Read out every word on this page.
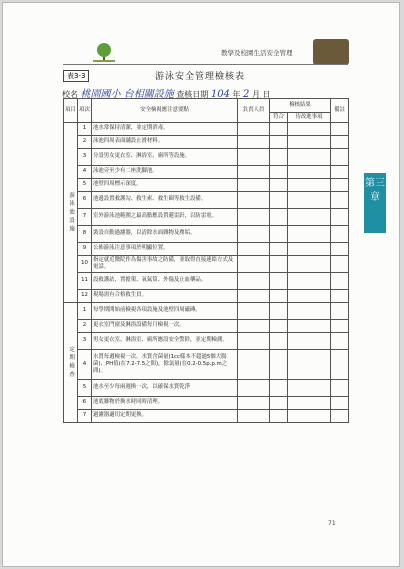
教學及校園生活安全管理
表3-3	游泳安全管理檢核表
校名 桃園國小 台相關設施 查核日期 104 年 2 月 日
項目	項次	安全檢視應注意要點	負責人員	檢核結果		備註
				符合	待改進事項	
游泳池設施	1	池水常保持清潔，並定期消毒。				
	2	泳池四周表面舖設止滑材料。				
	3	分設男女更衣室、淋浴室、廁所等設施。				
	4	泳池旁至少有二座洗腳池。				
	5	池壁四周標示深度。				
	6	池邊設置救護勾、救生索、救生圈等救生設備。				
	7	室外游泳池範圍之最高點應設置避雷針，以防雷電。				
	8	裝設自動過濾器，以清除水面雜物及塵垢。				
	9	公佈游泳注意事項於明顯位置。				
	10	指定就近醫院作為傷害事故之防備，並取得直接連絡方式及電話。				
	11	設救護站，置擔架、氧氣筒、外傷及止血藥品。				
	12	現場需有合格救生員。				
定期檢查	1	每學期開始前檢視各項設施及池壁四周磁磚。				
	2	更衣室門窗及淋浴設備每月檢視一次。				
	3	男女更衣室、淋浴室、廁所應設安全警鈴，並定期檢測。				
	4	水質每週檢視一次。水質含菌量(1cc樣本不超過5個大腸菌)、PH值(在7.2-7.5之間)，餘氯量(在0.2-0.5p.p.m之間)。				
	5	池水至少每兩週換一次，以確保水質乾淨				
	6	池底雜物於換水時同時清理。				
	7	過濾器適切定期更換。				
第三章
71
